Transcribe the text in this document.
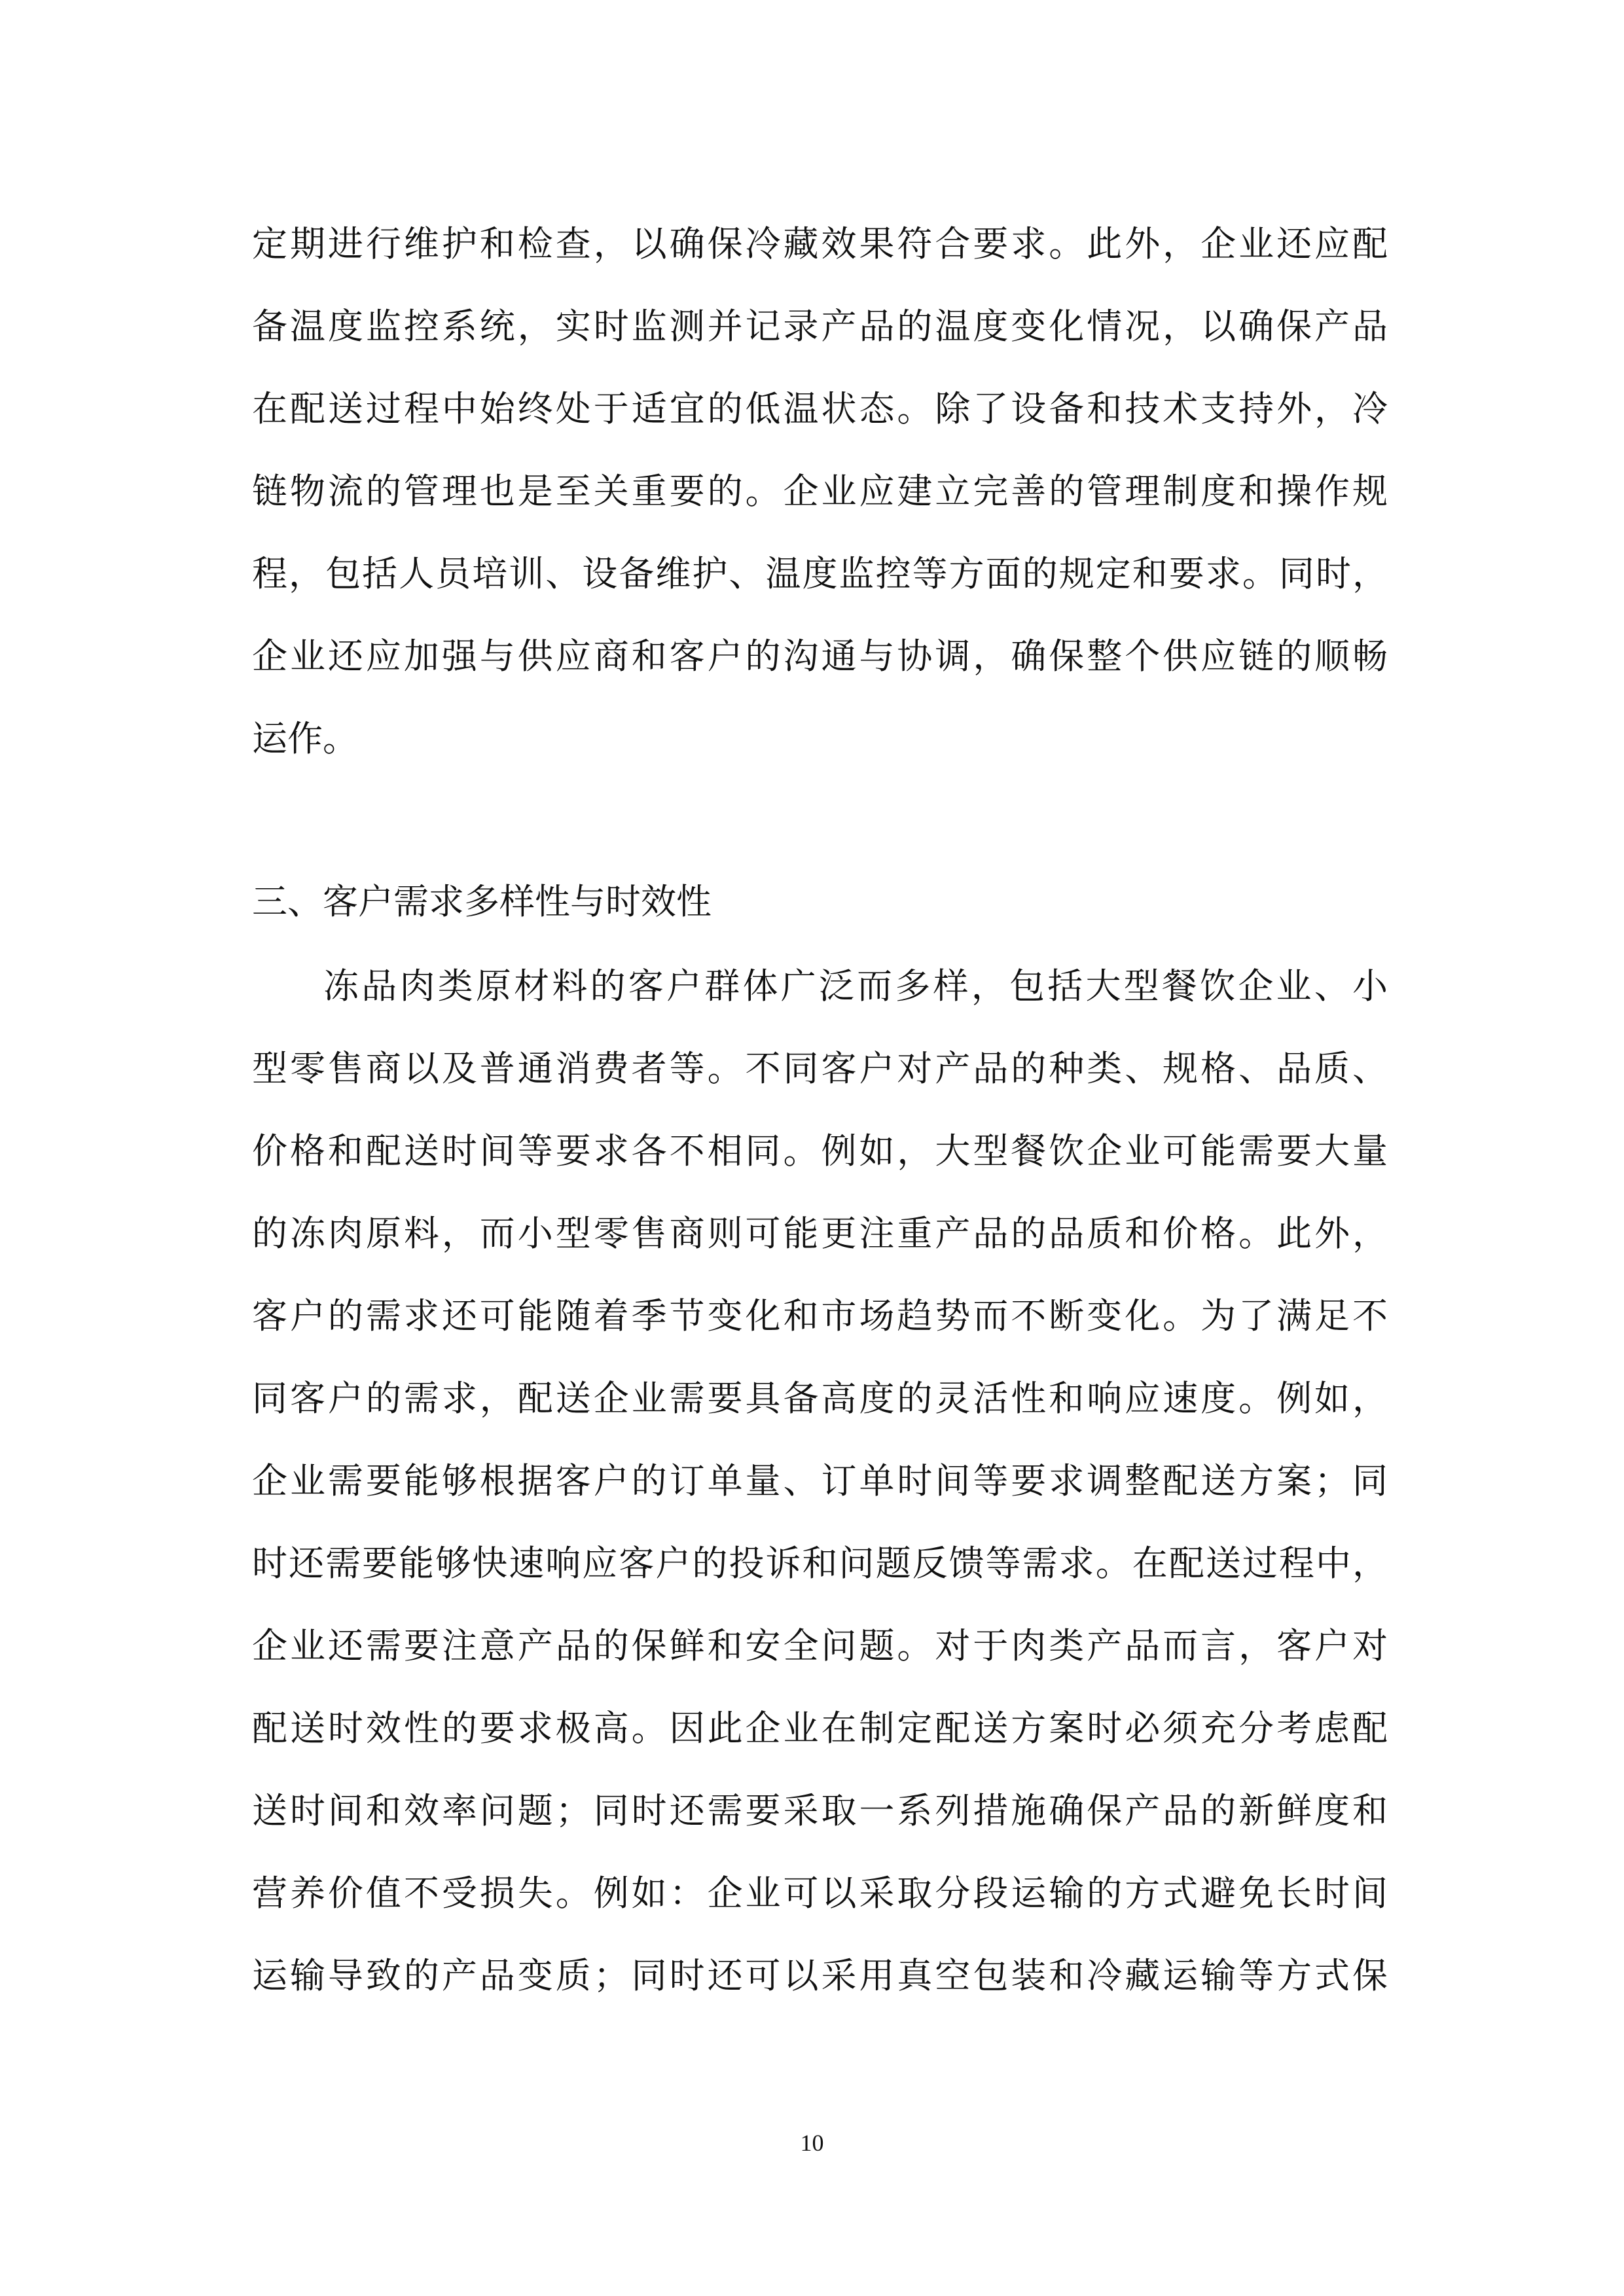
定期进行维护和检查，以确保冷藏效果符合要求。此外，企业还应配
备温度监控系统，实时监测并记录产品的温度变化情况，以确保产品
在配送过程中始终处于适宜的低温状态。除了设备和技术支持外，冷
链物流的管理也是至关重要的。企业应建立完善的管理制度和操作规
程，包括人员培训、设备维护、温度监控等方面的规定和要求。同时，
企业还应加强与供应商和客户的沟通与协调，确保整个供应链的顺畅
运作。
三、客户需求多样性与时效性
冻品肉类原材料的客户群体广泛而多样，包括大型餐饮企业、小
型零售商以及普通消费者等。不同客户对产品的种类、规格、品质、
价格和配送时间等要求各不相同。例如，大型餐饮企业可能需要大量
的冻肉原料，而小型零售商则可能更注重产品的品质和价格。此外，
客户的需求还可能随着季节变化和市场趋势而不断变化。为了满足不
同客户的需求，配送企业需要具备高度的灵活性和响应速度。例如，
企业需要能够根据客户的订单量、订单时间等要求调整配送方案；同
时还需要能够快速响应客户的投诉和问题反馈等需求。在配送过程中，
企业还需要注意产品的保鲜和安全问题。对于肉类产品而言，客户对
配送时效性的要求极高。因此企业在制定配送方案时必须充分考虑配
送时间和效率问题；同时还需要采取一系列措施确保产品的新鲜度和
营养价值不受损失。例如：企业可以采取分段运输的方式避免长时间
运输导致的产品变质；同时还可以采用真空包装和冷藏运输等方式保
10
